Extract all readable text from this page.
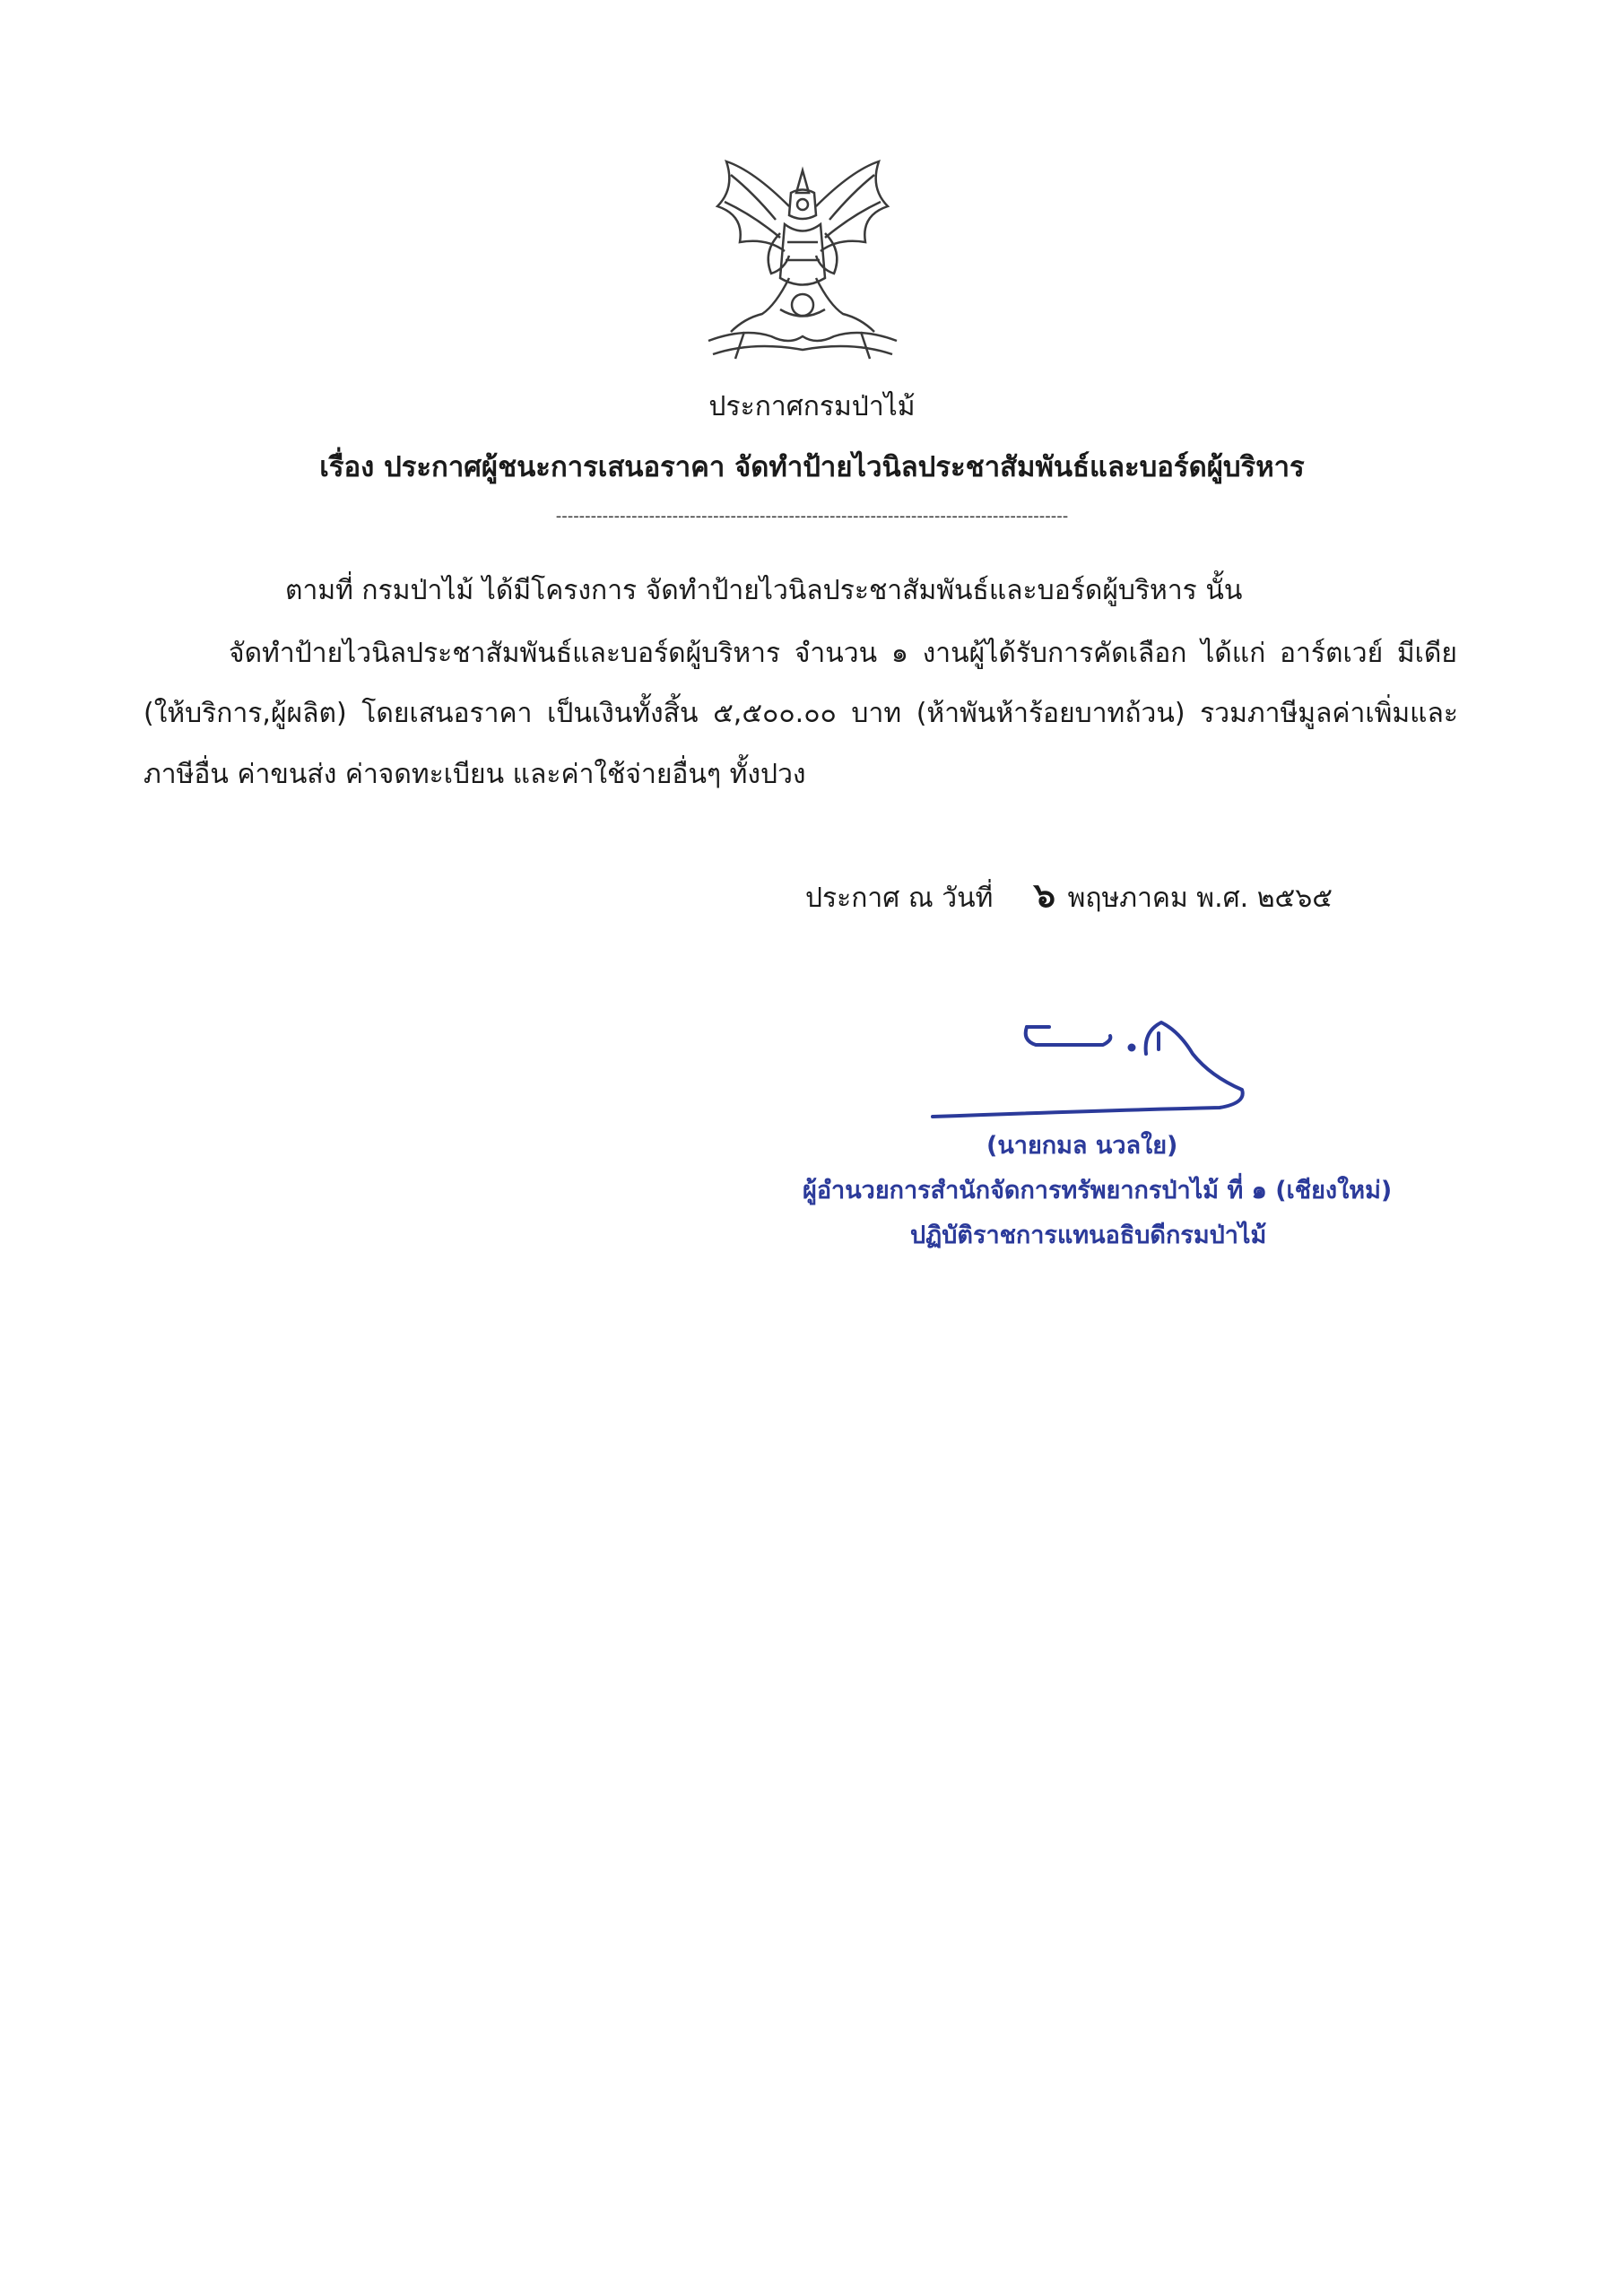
ประกาศกรมป่าไม้
เรื่อง ประกาศผู้ชนะการเสนอราคา จัดทำป้ายไวนิลประชาสัมพันธ์และบอร์ดผู้บริหาร
----------------------------------------------------------------------------------------
ตามที่ กรมป่าไม้ ได้มีโครงการ จัดทำป้ายไวนิลประชาสัมพันธ์และบอร์ดผู้บริหาร นั้น
จัดทำป้ายไวนิลประชาสัมพันธ์และบอร์ดผู้บริหาร จำนวน ๑ งานผู้ได้รับการคัดเลือก ได้แก่ อาร์ตเวย์ มีเดีย
(ให้บริการ,ผู้ผลิต) โดยเสนอราคา เป็นเงินทั้งสิ้น ๕,๕๐๐.๐๐ บาท (ห้าพันห้าร้อยบาทถ้วน) รวมภาษีมูลค่าเพิ่มและ
ภาษีอื่น ค่าขนส่ง ค่าจดทะเบียน และค่าใช้จ่ายอื่นๆ ทั้งปวง
ประกาศ ณ วันที่ ๖ พฤษภาคม พ.ศ. ๒๕๖๕
(นายกมล นวลใย)
ผู้อำนวยการสำนักจัดการทรัพยากรป่าไม้ ที่ ๑ (เชียงใหม่)
ปฏิบัติราชการแทนอธิบดีกรมป่าไม้
